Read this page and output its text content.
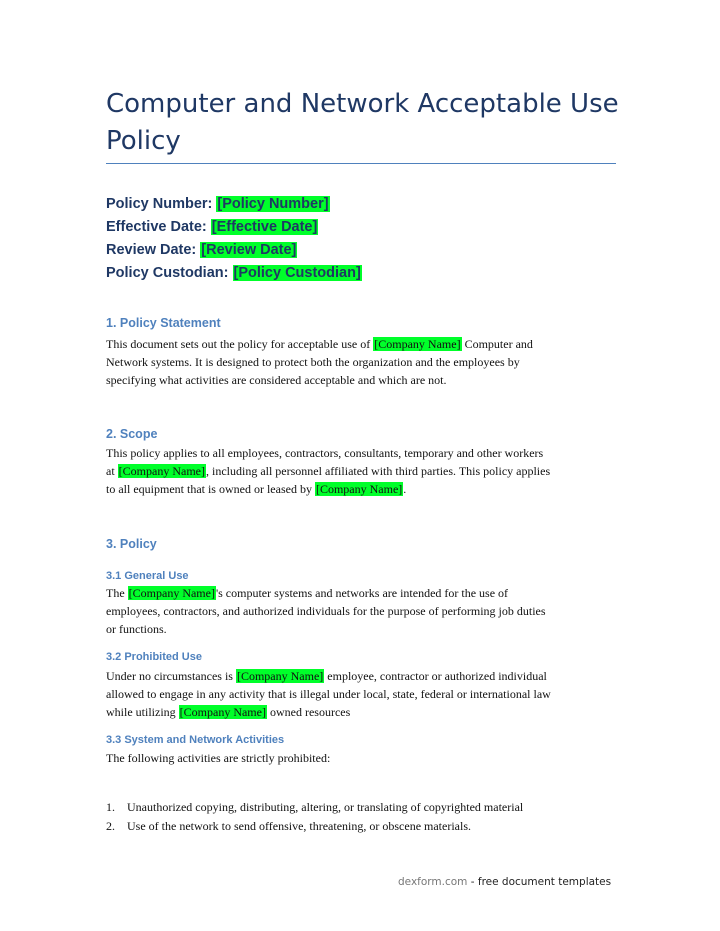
Computer and Network Acceptable Use
Policy
Policy Number: [Policy Number]
Effective Date: [Effective Date]
Review Date: [Review Date]
Policy Custodian: [Policy Custodian]
1. Policy Statement

This document sets out the policy for acceptable use of [Company Name] Computer and
Network systems. It is designed to protect both the organization and the employees by
specifying what activities are considered acceptable and which are not.

2. Scope

This policy applies to all employees, contractors, consultants, temporary and other workers
at [Company Name], including all personnel affiliated with third parties. This policy applies
to all equipment that is owned or leased by [Company Name].

3. Policy
3.1 General Use

The [Company Name]'s computer systems and networks are intended for the use of
employees, contractors, and authorized individuals for the purpose of performing job duties
or functions.

3.2 Prohibited Use

Under no circumstances is [Company Name] employee, contractor or authorized individual
allowed to engage in any activity that is illegal under local, state, federal or international law
while utilizing [Company Name] owned resources

3.3 System and Network Activities

The following activities are strictly prohibited:

1. Unauthorized copying, distributing, altering, or translating of copyrighted material
2. Use of the network to send offensive, threatening, or obscene materials.
dexform.com - free document templates
